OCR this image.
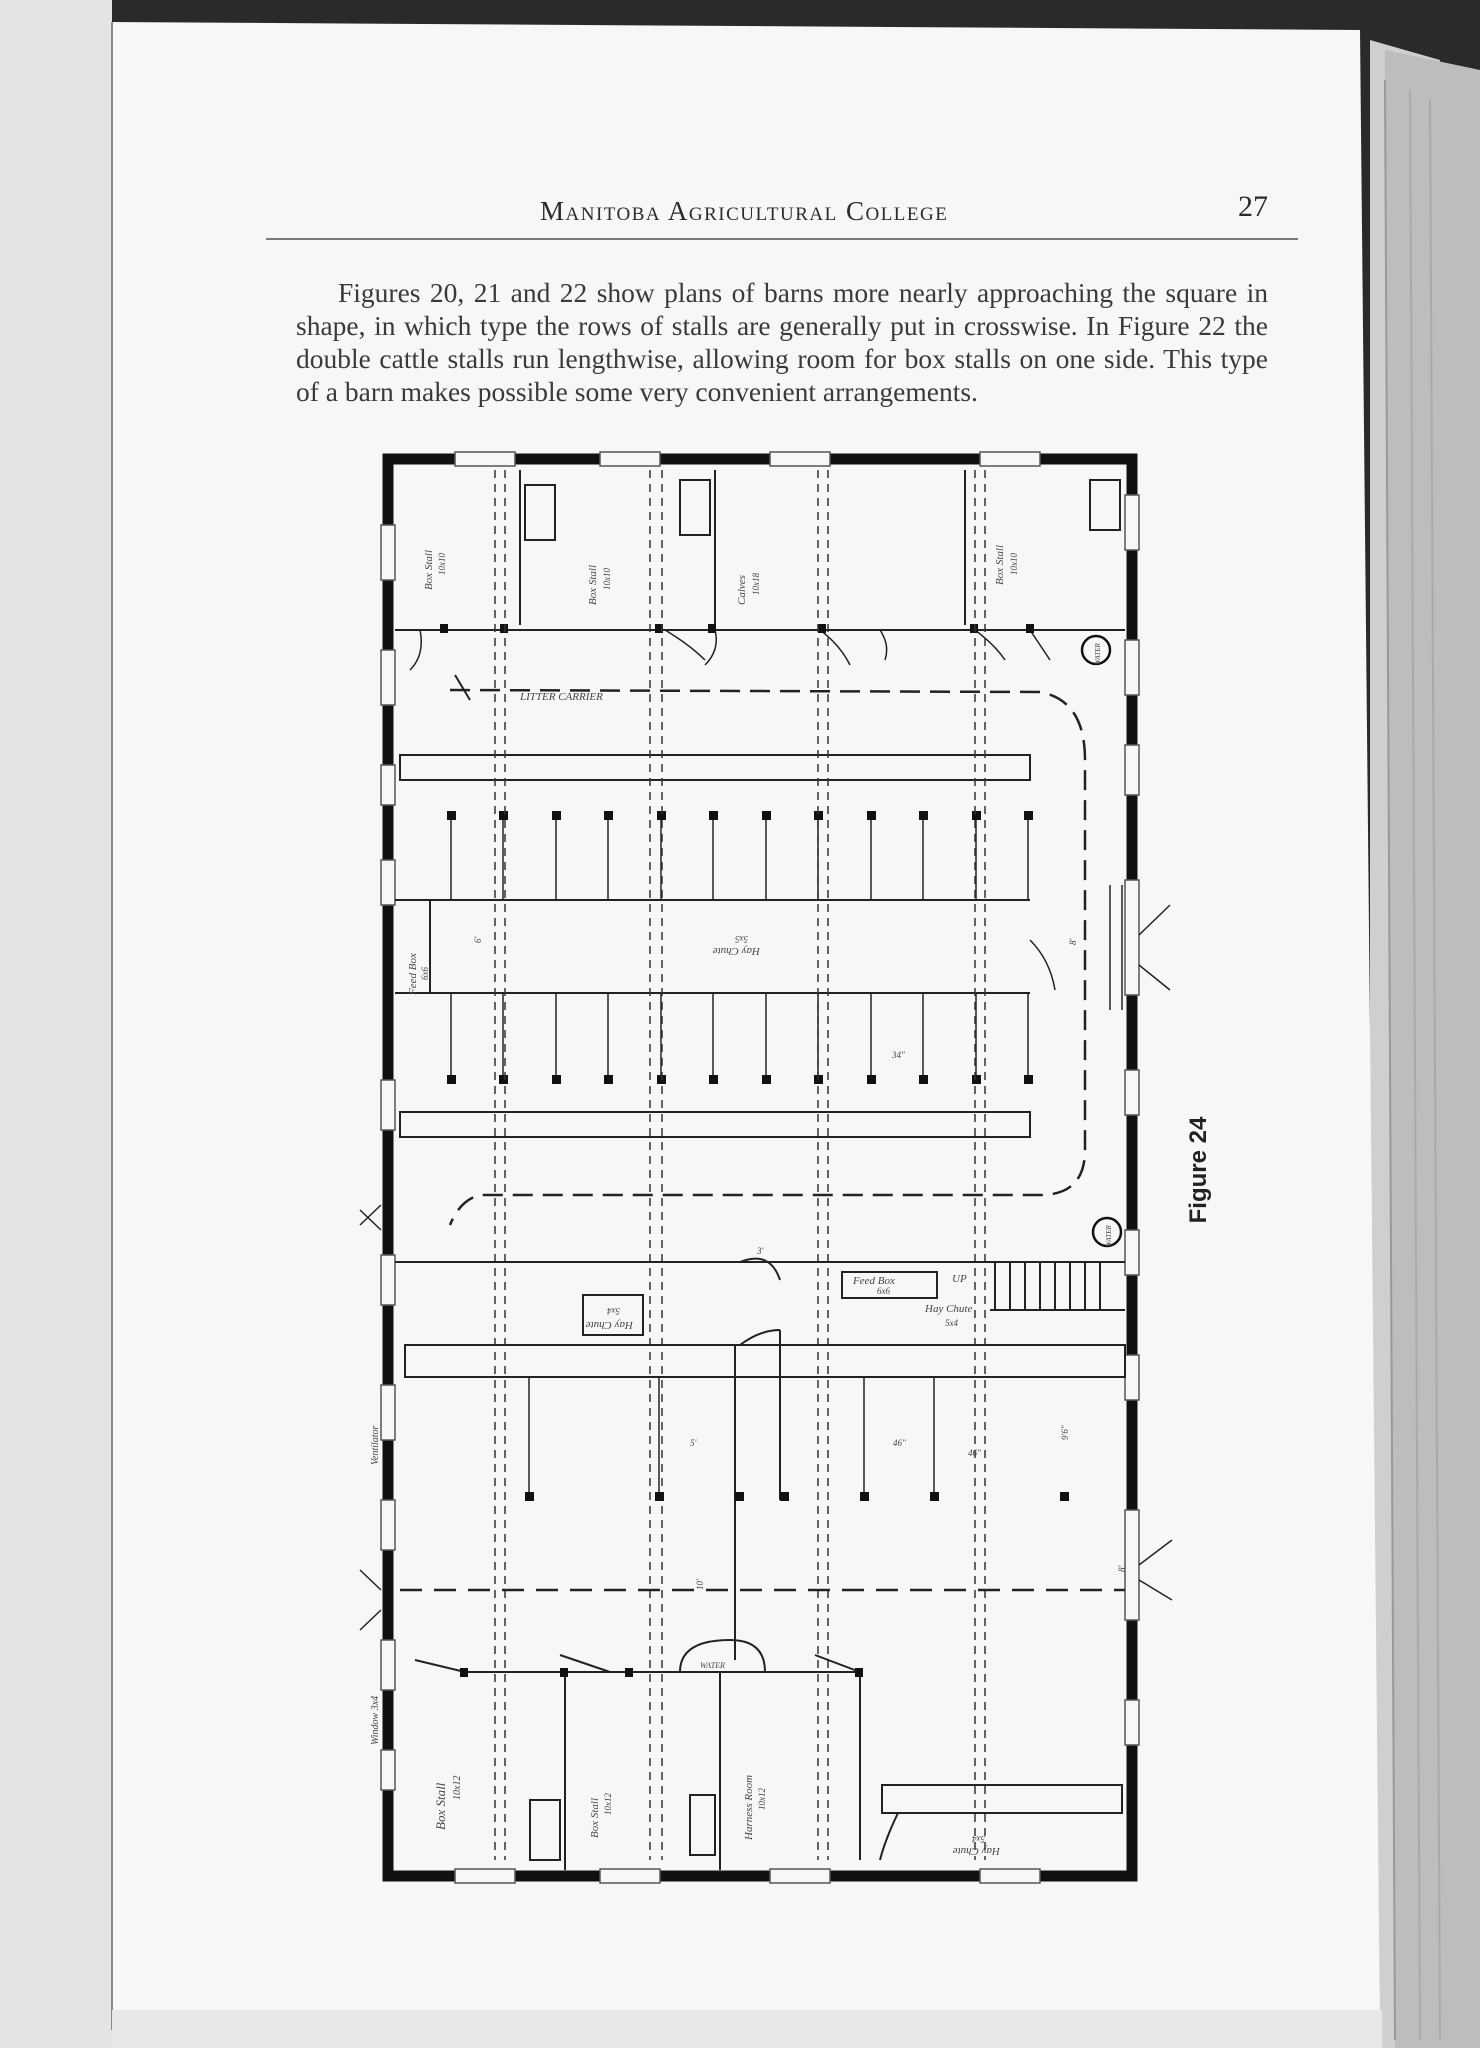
Manitoba Agricultural College	27

Figures 20, 21 and 22 show plans of barns more nearly approaching the square in shape, in which type the rows of stalls are generally put in crosswise. In Figure 22 the double cattle stalls run lengthwise, allowing room for box stalls on one side. This type of a barn makes possible some very convenient arrangements.

Box Stall 10x10
Box Stall 10x10	Calves 10x18	Box Stall 10x10
WATER
LITTER CARRIER
Feed Box 6x6
Hay Chute
5x5
WATER
Feed Box
6x6
UP
Hay Chute
5x4
Hay Chute
5x4
Ventilator
Window 3x4
WATER
Box Stall 10x12
Box Stall 10x12	Harness Room 10x12
Hay Chute
5x4
34"
5'	46"
46"
9'6"
8'
8'
10'
3'
6'
Figure 24
